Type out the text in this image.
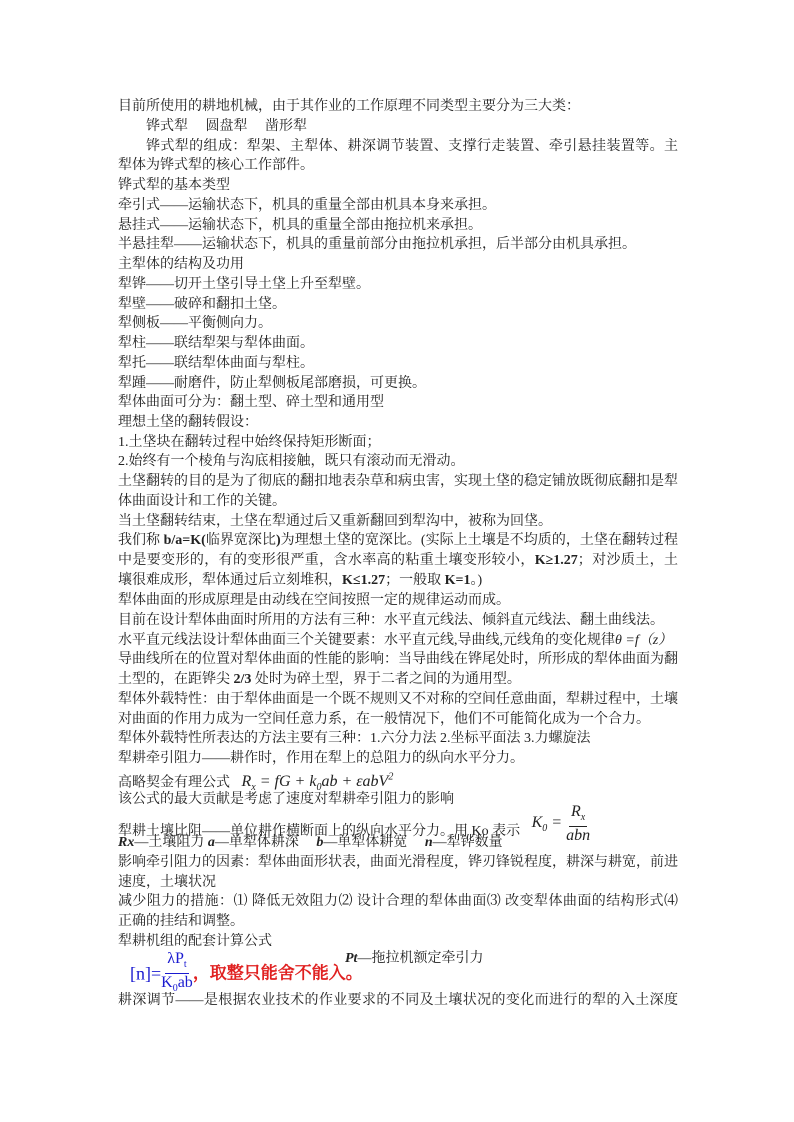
目前所使用的耕地机械，由于其作业的工作原理不同类型主要分为三大类：
铧式犁　 圆盘犁　 凿形犁
铧式犁的组成：犁架、主犁体、耕深调节装置、支撑行走装置、牵引悬挂装置等。主
犁体为铧式犁的核心工作部件。
铧式犁的基本类型
牵引式——运输状态下，机具的重量全部由机具本身来承担。
悬挂式——运输状态下，机具的重量全部由拖拉机来承担。
半悬挂犁——运输状态下，机具的重量前部分由拖拉机承担，后半部分由机具承担。
主犁体的结构及功用
犁铧——切开土垡引导土垡上升至犁壁。
犁壁——破碎和翻扣土垡。
犁侧板——平衡侧向力。
犁柱——联结犁架与犁体曲面。
犁托——联结犁体曲面与犁柱。
犁踵——耐磨件，防止犁侧板尾部磨损，可更换。
犁体曲面可分为：翻土型、碎土型和通用型
理想土垡的翻转假设：
1.土垡块在翻转过程中始终保持矩形断面；
2.始终有一个棱角与沟底相接触，既只有滚动而无滑动。
土垡翻转的目的是为了彻底的翻扣地表杂草和病虫害，实现土垡的稳定铺放既彻底翻扣是犁
体曲面设计和工作的关键。
当土垡翻转结束，土垡在犁通过后又重新翻回到犁沟中，被称为回垡。
我们称 b/a=K(临界宽深比)为理想土垡的宽深比。(实际上土壤是不均质的，土垡在翻转过程
中是要变形的，有的变形很严重，含水率高的粘重土壤变形较小，K≥1.27；对沙质土，土
壤很难成形，犁体通过后立刻堆积，K≤1.27；一般取 K=1。)
犁体曲面的形成原理是由动线在空间按照一定的规律运动而成。
目前在设计犁体曲面时所用的方法有三种：水平直元线法、倾斜直元线法、翻土曲线法。
水平直元线法设计犁体曲面三个关键要素：水平直元线,导曲线,元线角的变化规律θ =f（z）
导曲线所在的位置对犁体曲面的性能的影响：当导曲线在铧尾处时，所形成的犁体曲面为翻
土型的，在距铧尖 2/3 处时为碎土型，界于二者之间的为通用型。
犁体外载特性：由于犁体曲面是一个既不规则又不对称的空间任意曲面，犁耕过程中，土壤
对曲面的作用力成为一空间任意力系，在一般情况下，他们不可能简化成为一个合力。
犁体外载特性所表达的方法主要有三种：1.六分力法 2.坐标平面法 3.力螺旋法
犁耕牵引阻力——耕作时，作用在犁上的总阻力的纵向水平分力。
高略契金有理公式 $R_x$ = fG + $k_0ab + \varepsilon abV^2$
该公式的最大贡献是考虑了速度对犁耕牵引阻力的影响
犁耕土壤比阻——单位耕作横断面上的纵向水平分力。用 Ko 表示 $K_0 = \frac{R_x}{\text{abn}}$
Rx—土壤阻力 a—单犁体耕深　 b—单犁体耕宽　 n—犁铧数量
影响牵引阻力的因素：犁体曲面形状表，曲面光滑程度，铧刃锋锐程度，耕深与耕宽，前进
速度，土壤状况
减少阻力的措施：⑴ 降低无效阻力⑵ 设计合理的犁体曲面⑶ 改变犁体曲面的结构形式⑷
正确的挂结和调整。
犁耕机组的配套计算公式
$[n]= \frac{\lambda P_t}{K_0ab}$ ，取整只能舍不能入。
Pt—拖拉机额定牵引力
耕深调节——是根据农业技术的作业要求的不同及土壤状况的变化而进行的犁的入土深度
